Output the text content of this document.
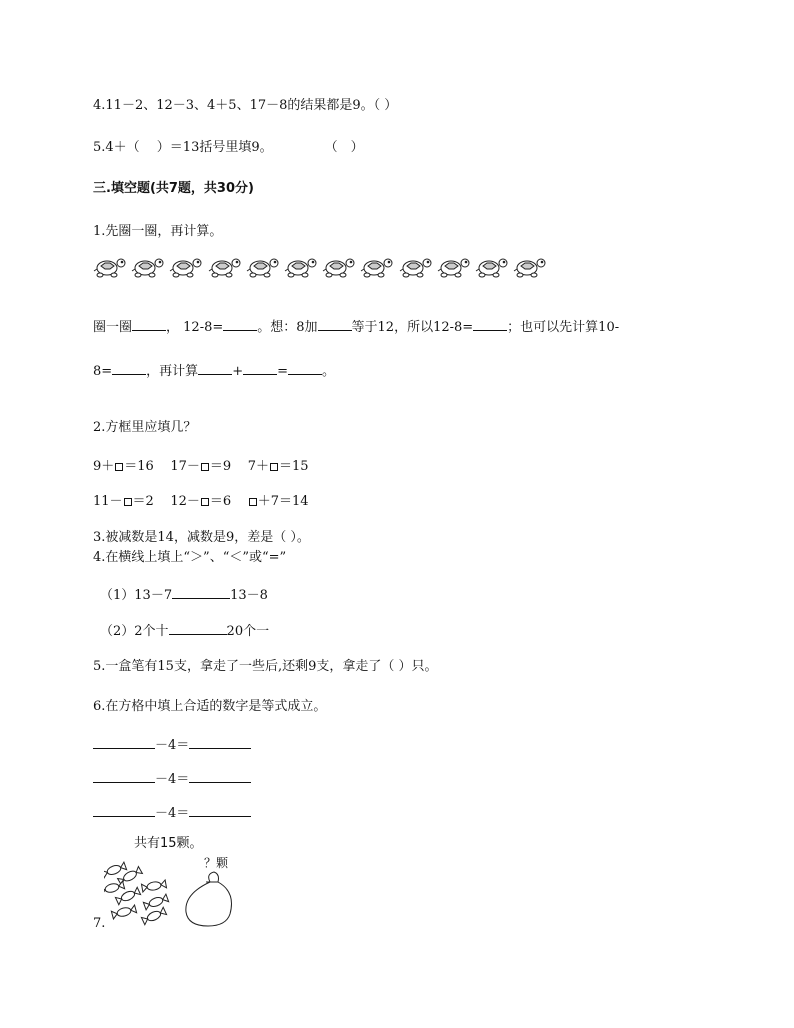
4.11－2、12－3、4＋5、17－8的结果都是9。（ ）
5.4＋（　 ）＝13括号里填9。　　　　　（　）
三.填空题(共7题，共30分)
1.先圈一圈，再计算。
圈一圈	， 12-8=	。想：8加	等于12，所以12-8=	；也可以先计算10-
8=	，再计算	+	=	。
2.方框里应填几？
9＋ ＝16 17－ ＝9 7＋ ＝15
11－ ＝2 12－ ＝6 ＋7＝14
3.被减数是14，减数是9，差是（ ）。
4.在横线上填上“＞”、“＜”或“=”
（1）13－7	13－8
（2）2个十	20个一
5.一盒笔有15支，拿走了一些后,还剩9支，拿走了（ ）只。
6.在方格中填上合适的数字是等式成立。
－4＝
－4＝
－4＝
共有15颗。
？颗
7.
